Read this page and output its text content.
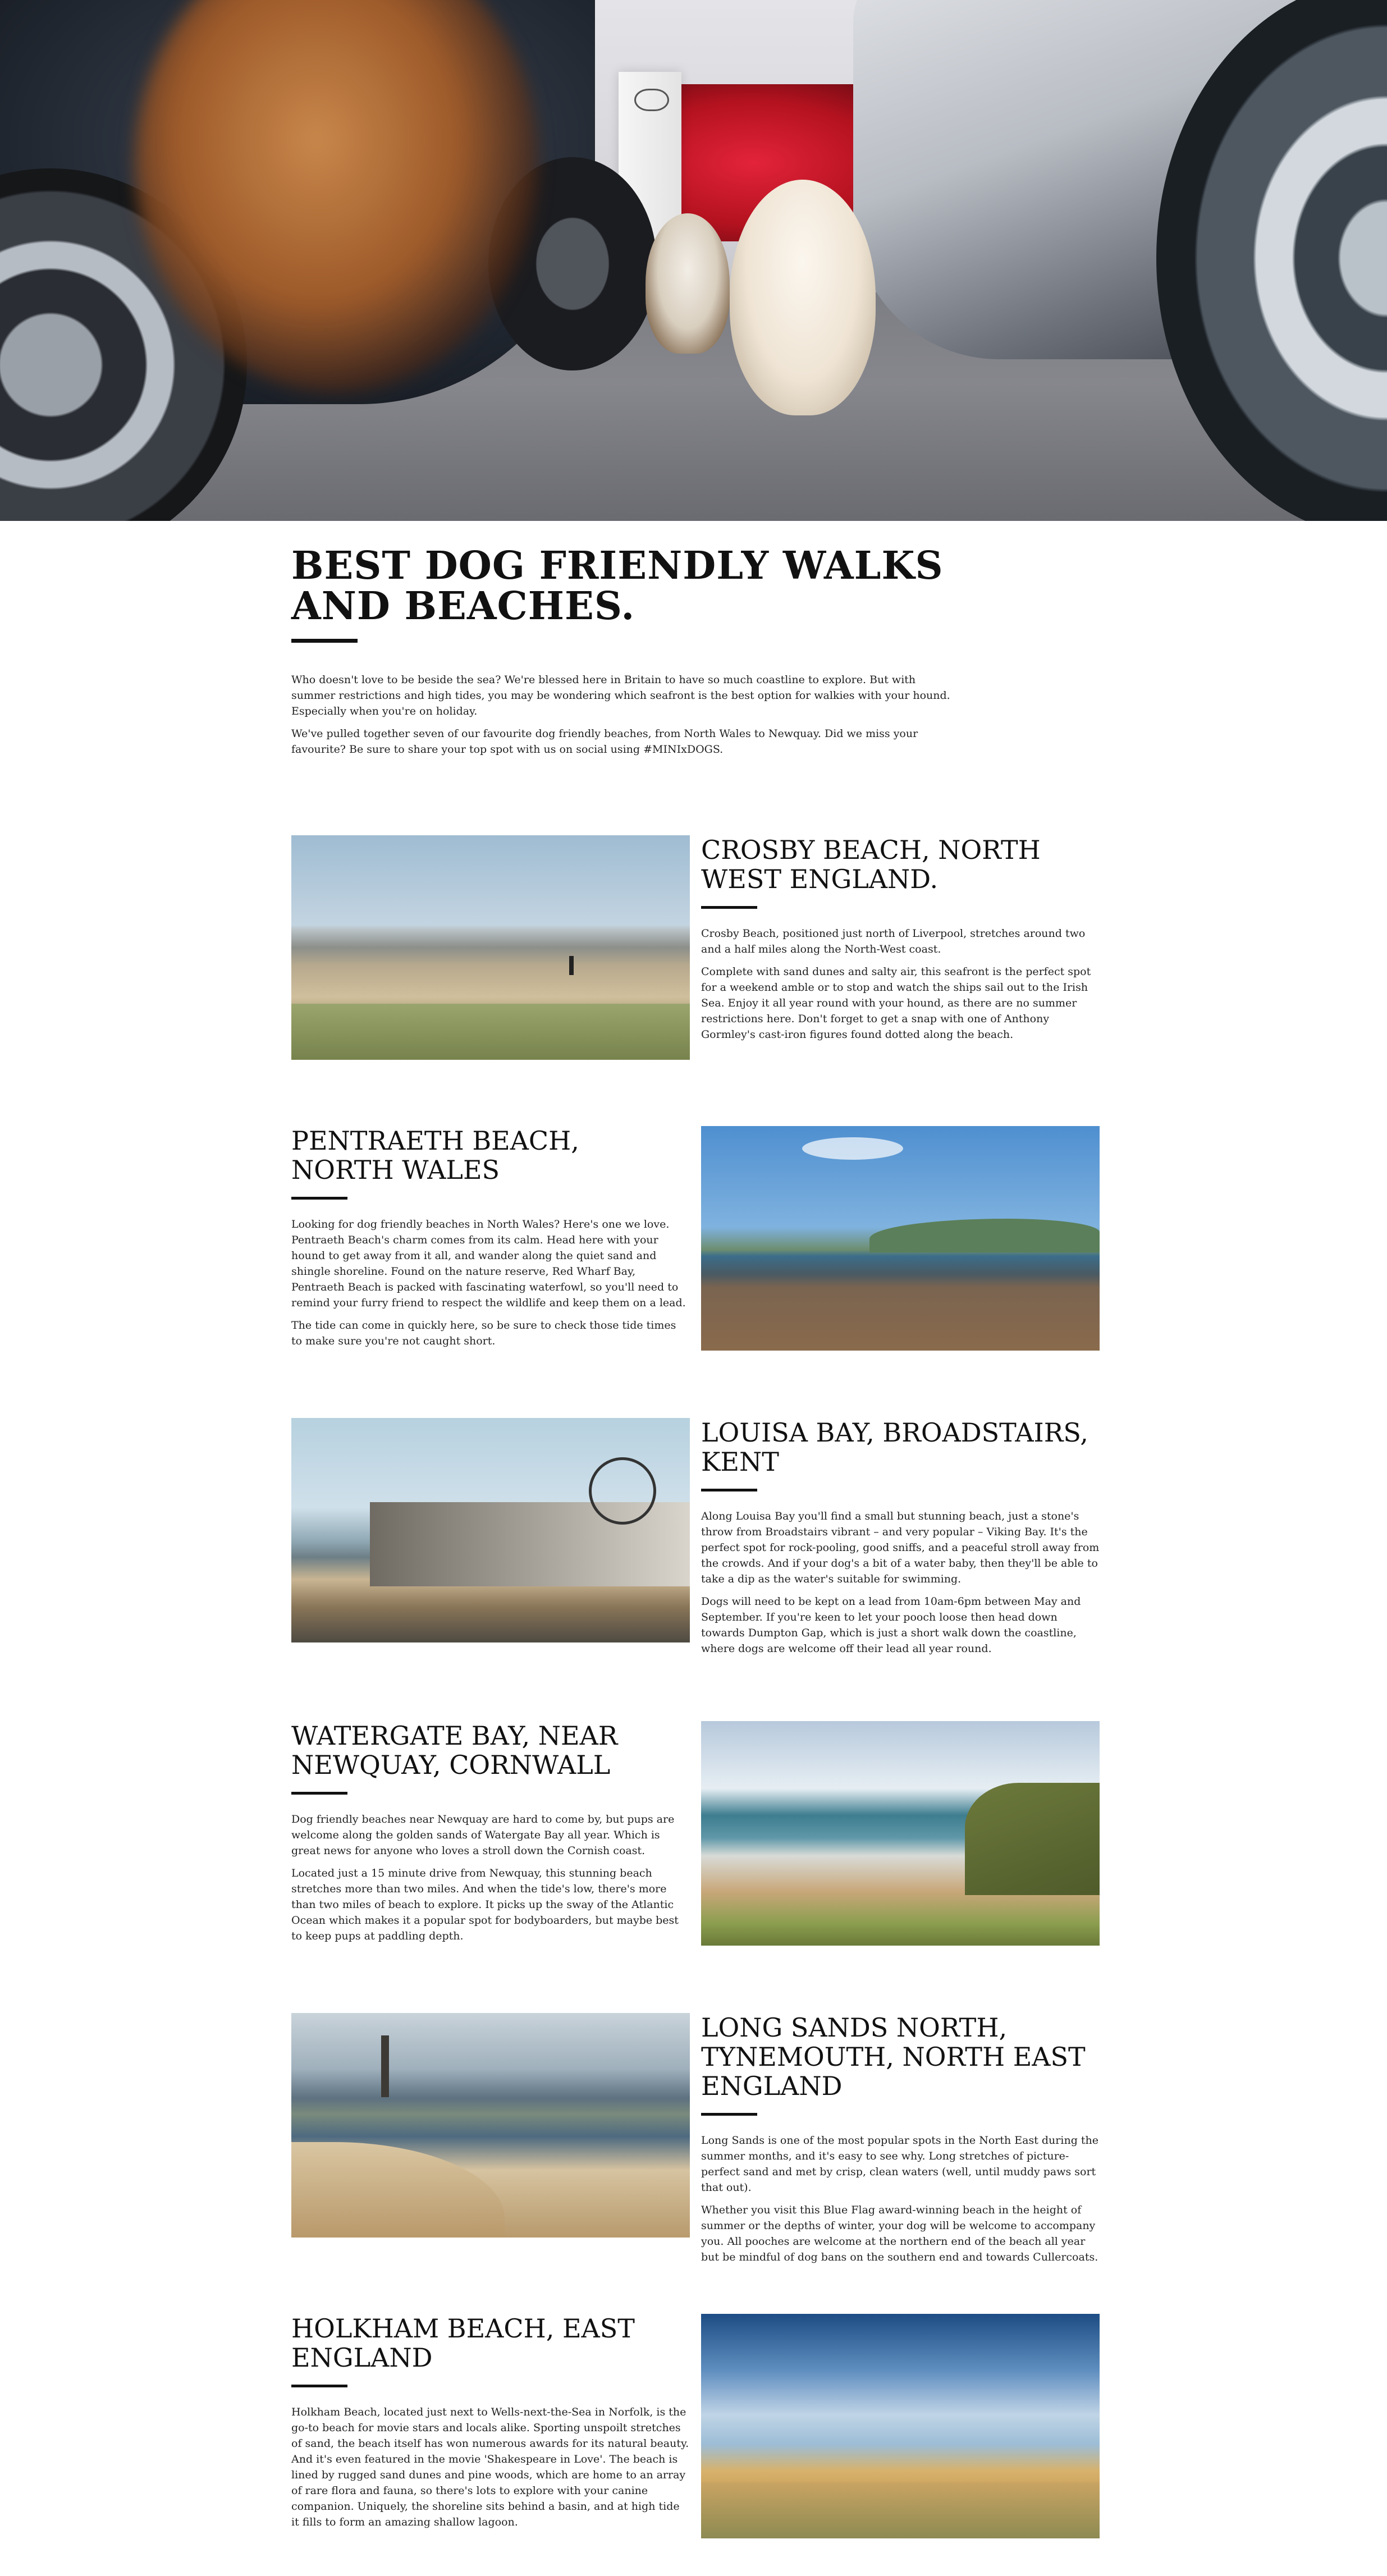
BEST DOG FRIENDLY WALKS AND BEACHES.

Who doesn't love to be beside the sea? We're blessed here in Britain to have so much coastline to explore. But with summer restrictions and high tides, you may be wondering which seafront is the best option for walkies with your hound. Especially when you're on holiday.

We've pulled together seven of our favourite dog friendly beaches, from North Wales to Newquay. Did we miss your favourite? Be sure to share your top spot with us on social using #MINIxDOGS.

CROSBY BEACH, NORTH WEST ENGLAND.

Crosby Beach, positioned just north of Liverpool, stretches around two and a half miles along the North-West coast.

Complete with sand dunes and salty air, this seafront is the perfect spot for a weekend amble or to stop and watch the ships sail out to the Irish Sea. Enjoy it all year round with your hound, as there are no summer restrictions here. Don't forget to get a snap with one of Anthony Gormley's cast-iron figures found dotted along the beach.

PENTRAETH BEACH, NORTH WALES

Looking for dog friendly beaches in North Wales? Here's one we love. Pentraeth Beach's charm comes from its calm. Head here with your hound to get away from it all, and wander along the quiet sand and shingle shoreline. Found on the nature reserve, Red Wharf Bay, Pentraeth Beach is packed with fascinating waterfowl, so you'll need to remind your furry friend to respect the wildlife and keep them on a lead.

The tide can come in quickly here, so be sure to check those tide times to make sure you're not caught short.

LOUISA BAY, BROADSTAIRS, KENT

Along Louisa Bay you'll find a small but stunning beach, just a stone's throw from Broadstairs vibrant – and very popular – Viking Bay. It's the perfect spot for rock-pooling, good sniffs, and a peaceful stroll away from the crowds. And if your dog's a bit of a water baby, then they'll be able to take a dip as the water's suitable for swimming.

Dogs will need to be kept on a lead from 10am-6pm between May and September. If you're keen to let your pooch loose then head down towards Dumpton Gap, which is just a short walk down the coastline, where dogs are welcome off their lead all year round.

WATERGATE BAY, NEAR NEWQUAY, CORNWALL

Dog friendly beaches near Newquay are hard to come by, but pups are welcome along the golden sands of Watergate Bay all year. Which is great news for anyone who loves a stroll down the Cornish coast.

Located just a 15 minute drive from Newquay, this stunning beach stretches more than two miles. And when the tide's low, there's more than two miles of beach to explore. It picks up the sway of the Atlantic Ocean which makes it a popular spot for bodyboarders, but maybe best to keep pups at paddling depth.

LONG SANDS NORTH, TYNEMOUTH, NORTH EAST ENGLAND

Long Sands is one of the most popular spots in the North East during the summer months, and it's easy to see why. Long stretches of picture-perfect sand and met by crisp, clean waters (well, until muddy paws sort that out).

Whether you visit this Blue Flag award-winning beach in the height of summer or the depths of winter, your dog will be welcome to accompany you. All pooches are welcome at the northern end of the beach all year but be mindful of dog bans on the southern end and towards Cullercoats.

HOLKHAM BEACH, EAST ENGLAND

Holkham Beach, located just next to Wells-next-the-Sea in Norfolk, is the go-to beach for movie stars and locals alike. Sporting unspoilt stretches of sand, the beach itself has won numerous awards for its natural beauty. And it's even featured in the movie 'Shakespeare in Love'. The beach is lined by rugged sand dunes and pine woods, which are home to an array of rare flora and fauna, so there's lots to explore with your canine companion. Uniquely, the shoreline sits behind a basin, and at high tide it fills to form an amazing shallow lagoon.
